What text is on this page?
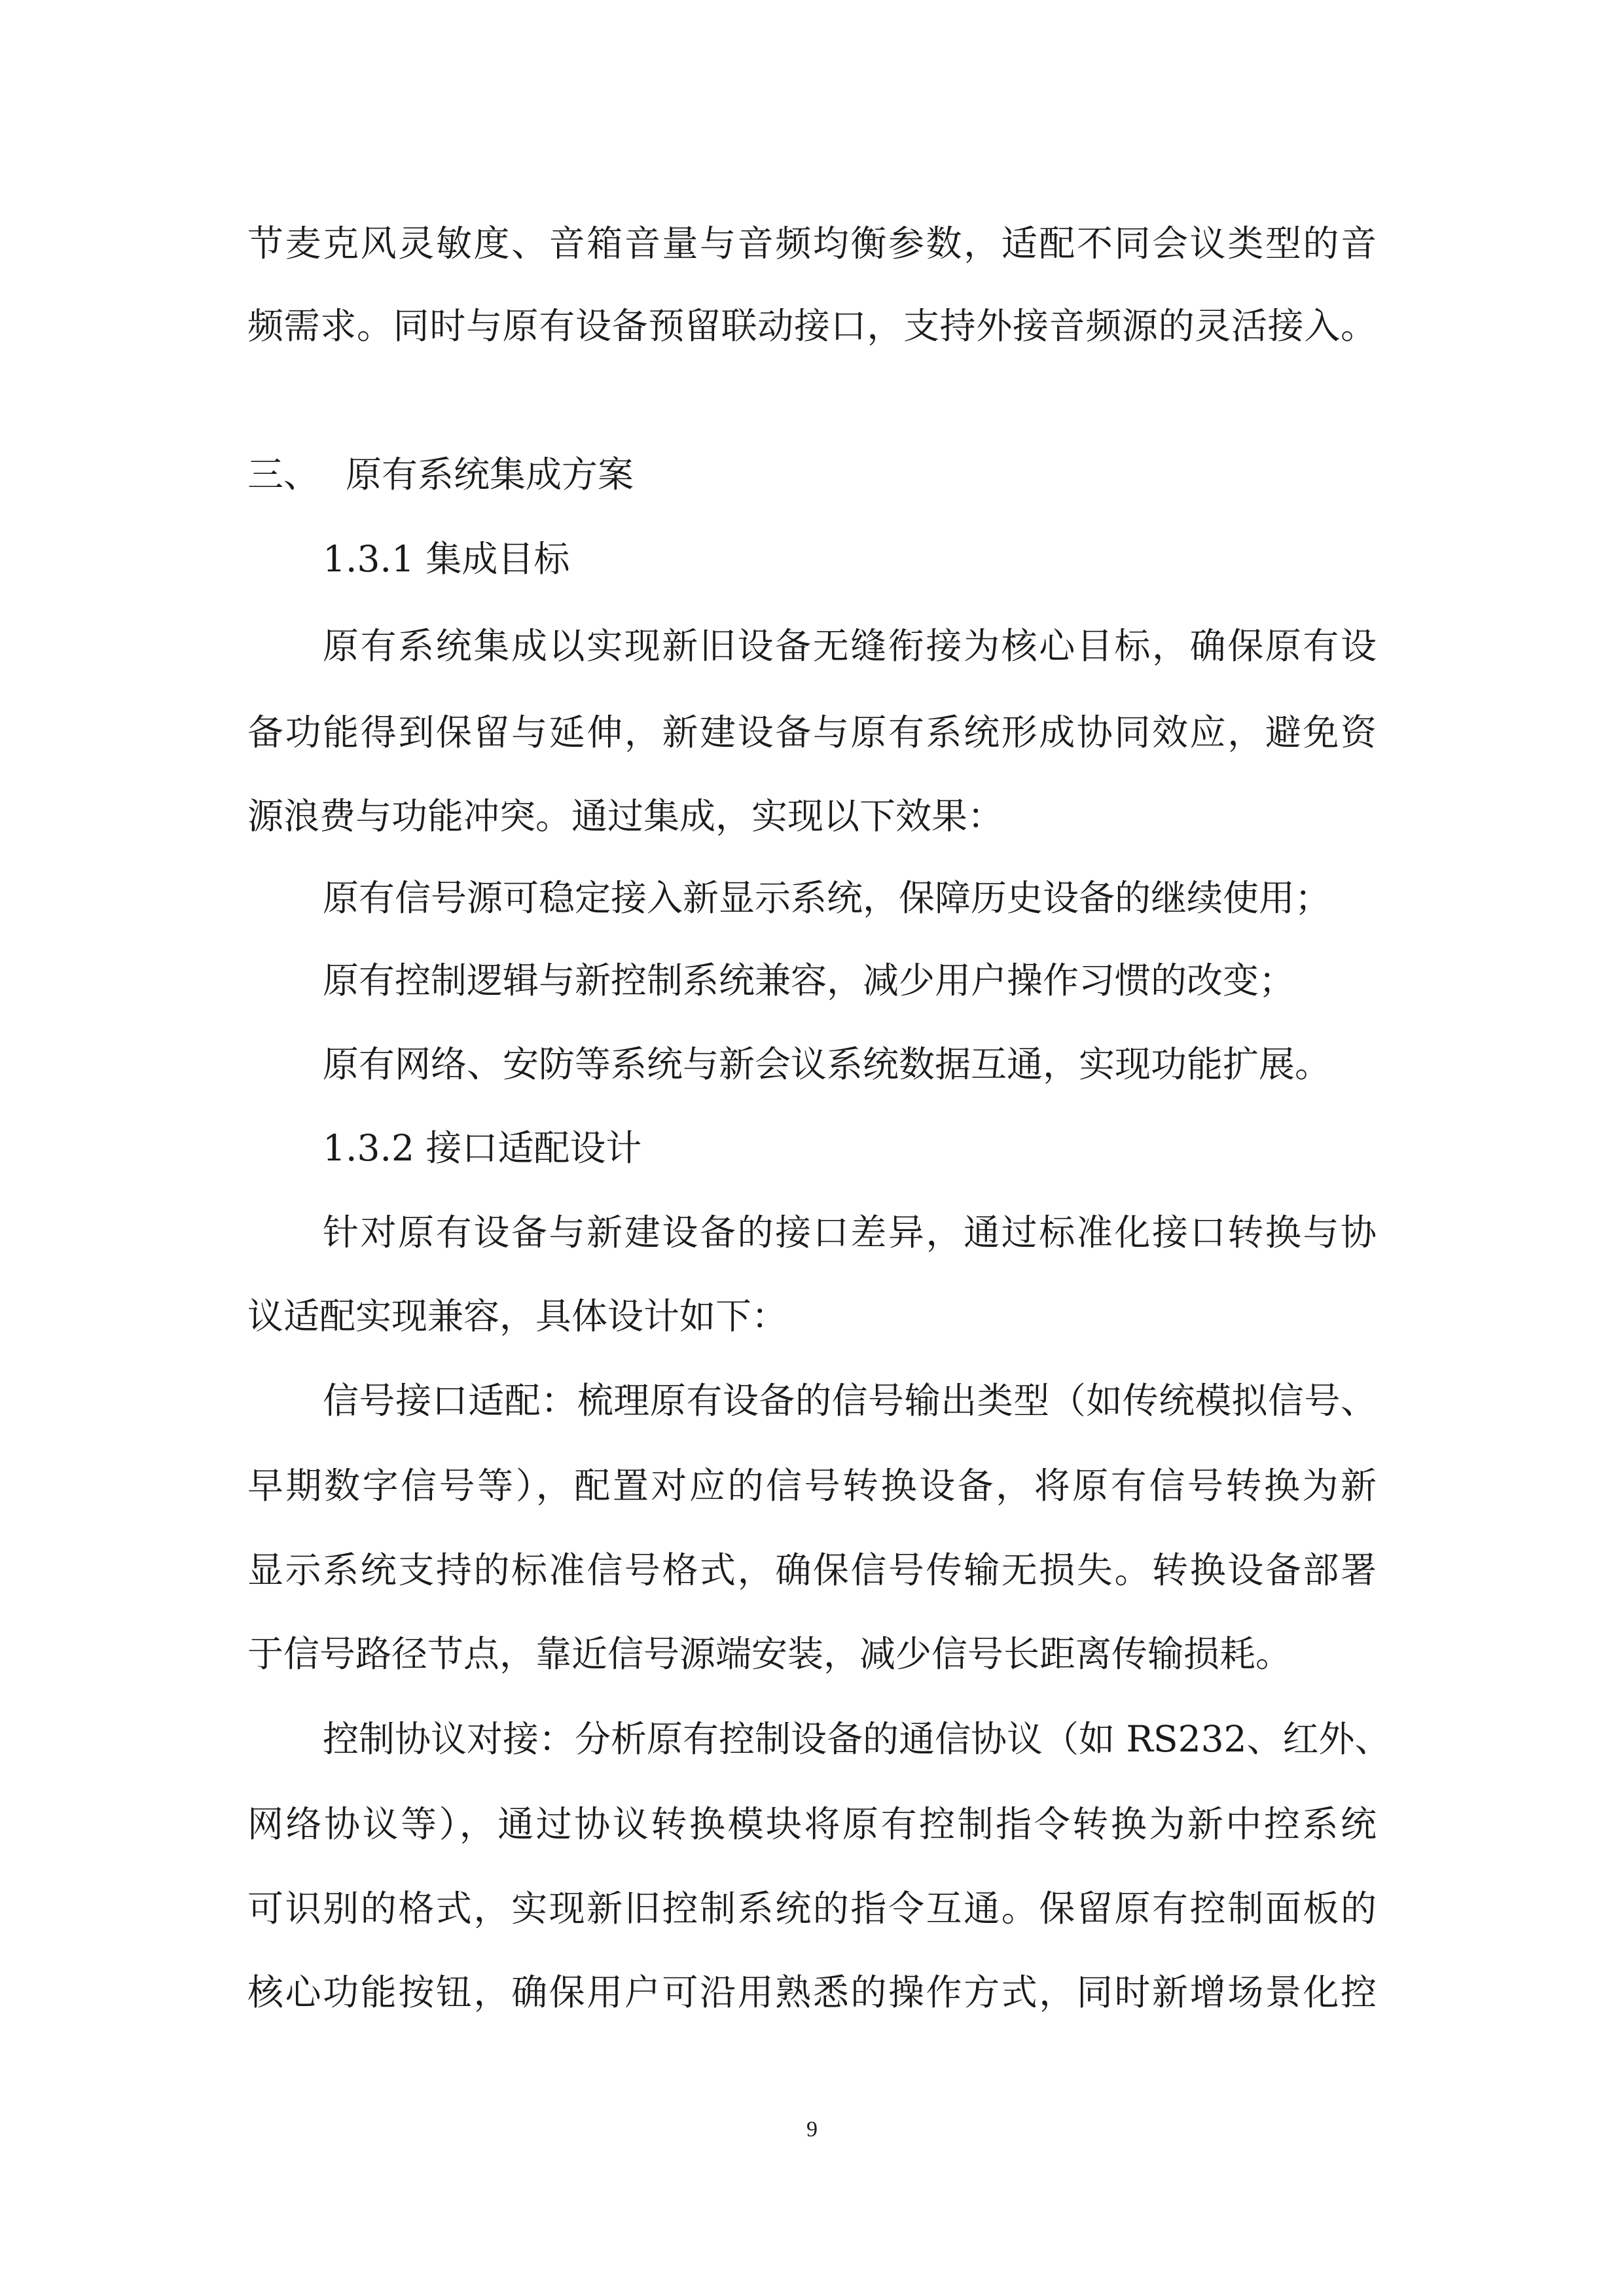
节麦克风灵敏度、音箱音量与音频均衡参数，适配不同会议类型的音

频需求。同时与原有设备预留联动接口，支持外接音频源的灵活接入。

三、 原有系统集成方案

1.3.1 集成目标

原有系统集成以实现新旧设备无缝衔接为核心目标，确保原有设

备功能得到保留与延伸，新建设备与原有系统形成协同效应，避免资

源浪费与功能冲突。通过集成，实现以下效果：

原有信号源可稳定接入新显示系统，保障历史设备的继续使用；

原有控制逻辑与新控制系统兼容，减少用户操作习惯的改变；

原有网络、安防等系统与新会议系统数据互通，实现功能扩展。

1.3.2 接口适配设计

针对原有设备与新建设备的接口差异，通过标准化接口转换与协

议适配实现兼容，具体设计如下：

信号接口适配：梳理原有设备的信号输出类型（如传统模拟信号、

早期数字信号等），配置对应的信号转换设备，将原有信号转换为新

显示系统支持的标准信号格式，确保信号传输无损失。转换设备部署

于信号路径节点，靠近信号源端安装，减少信号长距离传输损耗。

控制协议对接：分析原有控制设备的通信协议（如 RS232、红外、

网络协议等），通过协议转换模块将原有控制指令转换为新中控系统

可识别的格式，实现新旧控制系统的指令互通。保留原有控制面板的

核心功能按钮，确保用户可沿用熟悉的操作方式，同时新增场景化控

9
